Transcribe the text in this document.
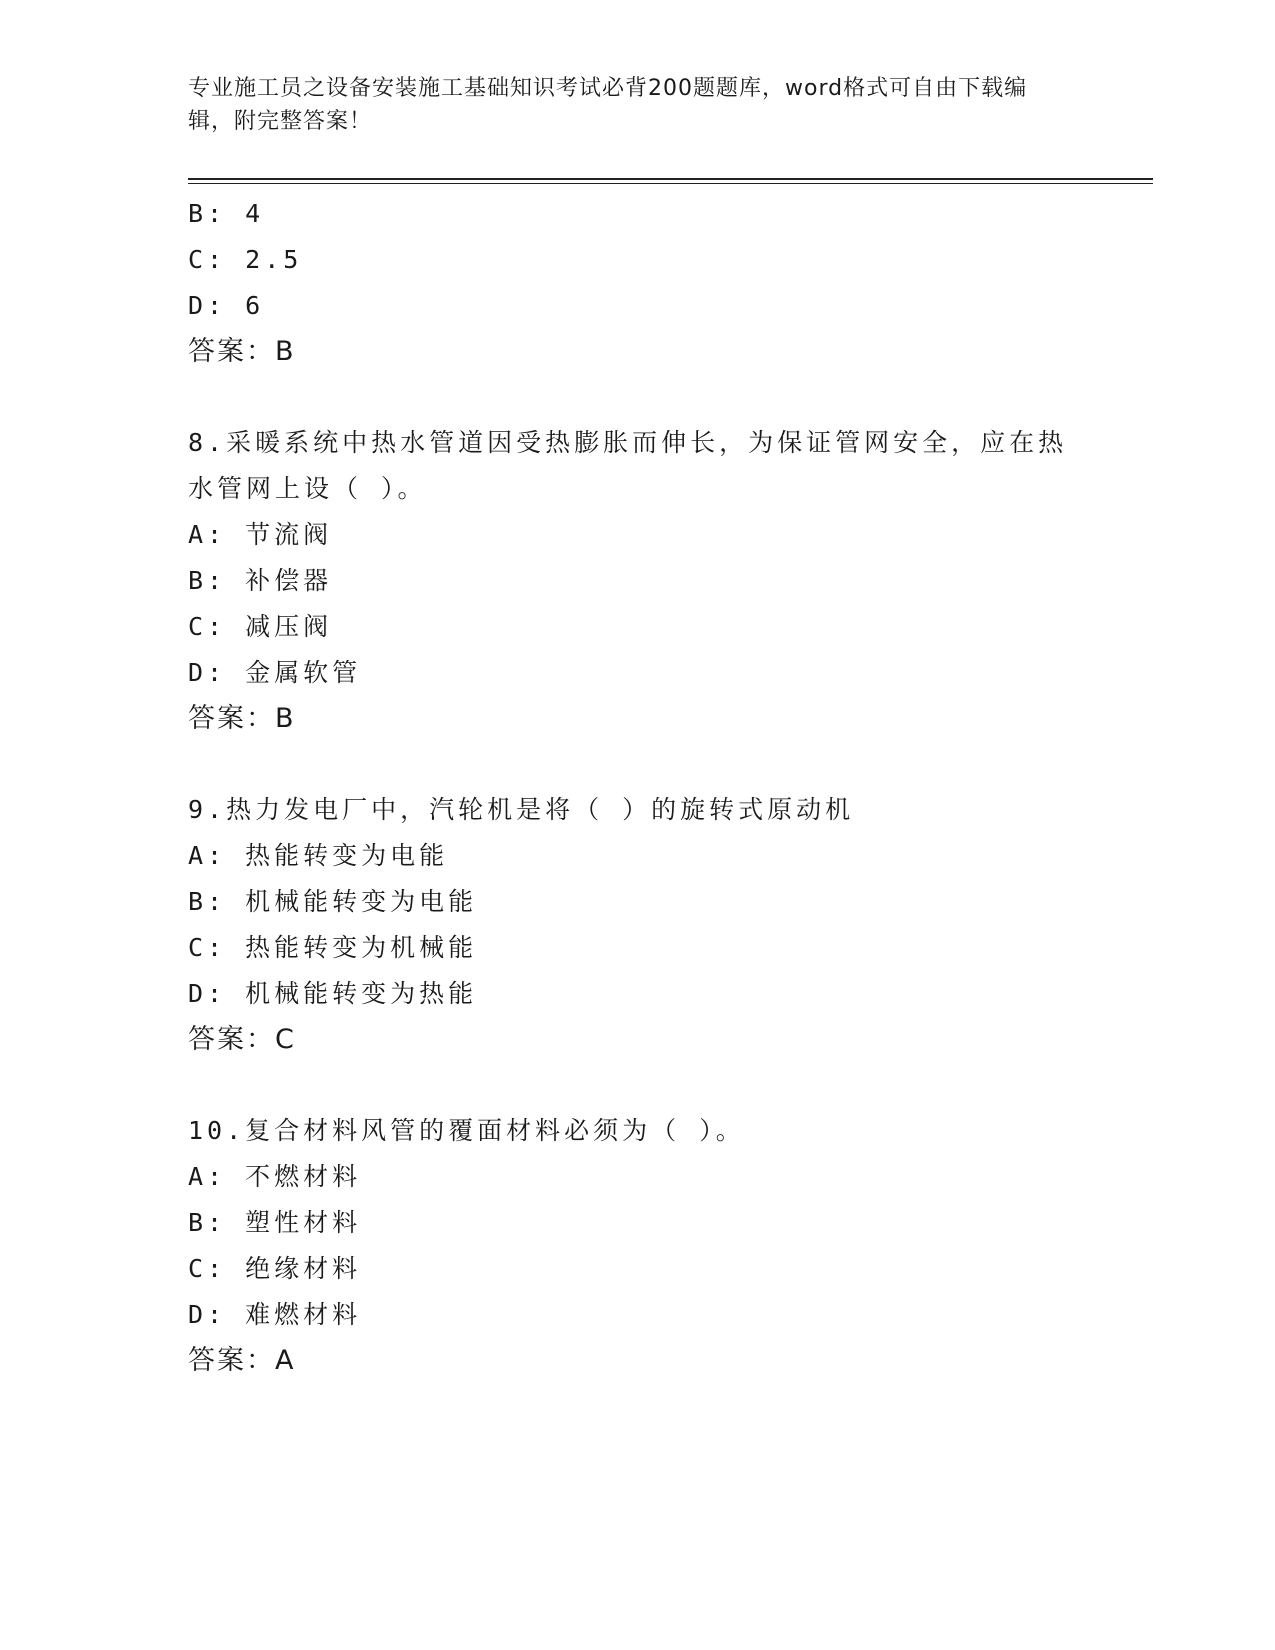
专业施工员之设备安装施工基础知识考试必背200题题库，word格式可自由下载编辑，附完整答案！
B: 4
C: 2.5
D: 6
答案：B
8.采暖系统中热水管道因受热膨胀而伸长，为保证管网安全，应在热水管网上设（ ）。
A: 节流阀
B: 补偿器
C: 减压阀
D: 金属软管
答案：B
9.热力发电厂中，汽轮机是将（ ）的旋转式原动机
A: 热能转变为电能
B: 机械能转变为电能
C: 热能转变为机械能
D: 机械能转变为热能
答案：C
10.复合材料风管的覆面材料必须为（ ）。
A: 不燃材料
B: 塑性材料
C: 绝缘材料
D: 难燃材料
答案：A
